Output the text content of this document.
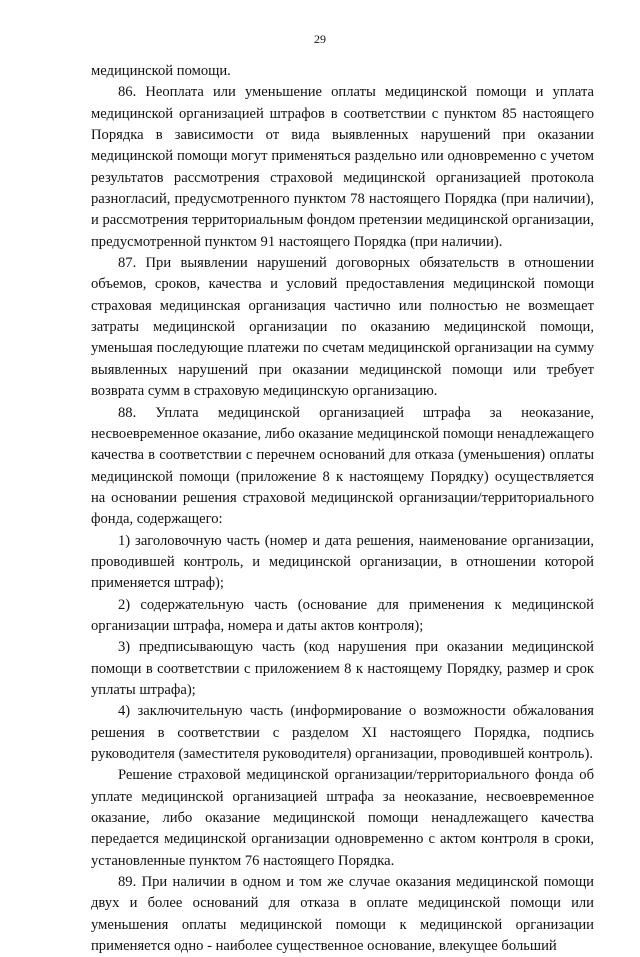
29

медицинской помощи.

86. Неоплата или уменьшение оплаты медицинской помощи и уплата медицинской организацией штрафов в соответствии с пунктом 85 настоящего Порядка в зависимости от вида выявленных нарушений при оказании медицинской помощи могут применяться раздельно или одновременно с учетом результатов рассмотрения страховой медицинской организацией протокола разногласий, предусмотренного пунктом 78 настоящего Порядка (при наличии), и рассмотрения территориальным фондом претензии медицинской организации, предусмотренной пунктом 91 настоящего Порядка (при наличии).

87. При выявлении нарушений договорных обязательств в отношении объемов, сроков, качества и условий предоставления медицинской помощи страховая медицинская организация частично или полностью не возмещает затраты медицинской организации по оказанию медицинской помощи, уменьшая последующие платежи по счетам медицинской организации на сумму выявленных нарушений при оказании медицинской помощи или требует возврата сумм в страховую медицинскую организацию.

88. Уплата медицинской организацией штрафа за неоказание, несвоевременное оказание, либо оказание медицинской помощи ненадлежащего качества в соответствии с перечнем оснований для отказа (уменьшения) оплаты медицинской помощи (приложение 8 к настоящему Порядку) осуществляется на основании решения страховой медицинской организации/территориального фонда, содержащего:

1) заголовочную часть (номер и дата решения, наименование организации, проводившей контроль, и медицинской организации, в отношении которой применяется штраф);

2) содержательную часть (основание для применения к медицинской организации штрафа, номера и даты актов контроля);

3) предписывающую часть (код нарушения при оказании медицинской помощи в соответствии с приложением 8 к настоящему Порядку, размер и срок уплаты штрафа);

4) заключительную часть (информирование о возможности обжалования решения в соответствии с разделом XI настоящего Порядка, подпись руководителя (заместителя руководителя) организации, проводившей контроль).

Решение страховой медицинской организации/территориального фонда об уплате медицинской организацией штрафа за неоказание, несвоевременное оказание, либо оказание медицинской помощи ненадлежащего качества передается медицинской организации одновременно с актом контроля в сроки, установленные пунктом 76 настоящего Порядка.

89. При наличии в одном и том же случае оказания медицинской помощи двух и более оснований для отказа в оплате медицинской помощи или уменьшения оплаты медицинской помощи к медицинской организации применяется одно - наиболее существенное основание, влекущее больший
